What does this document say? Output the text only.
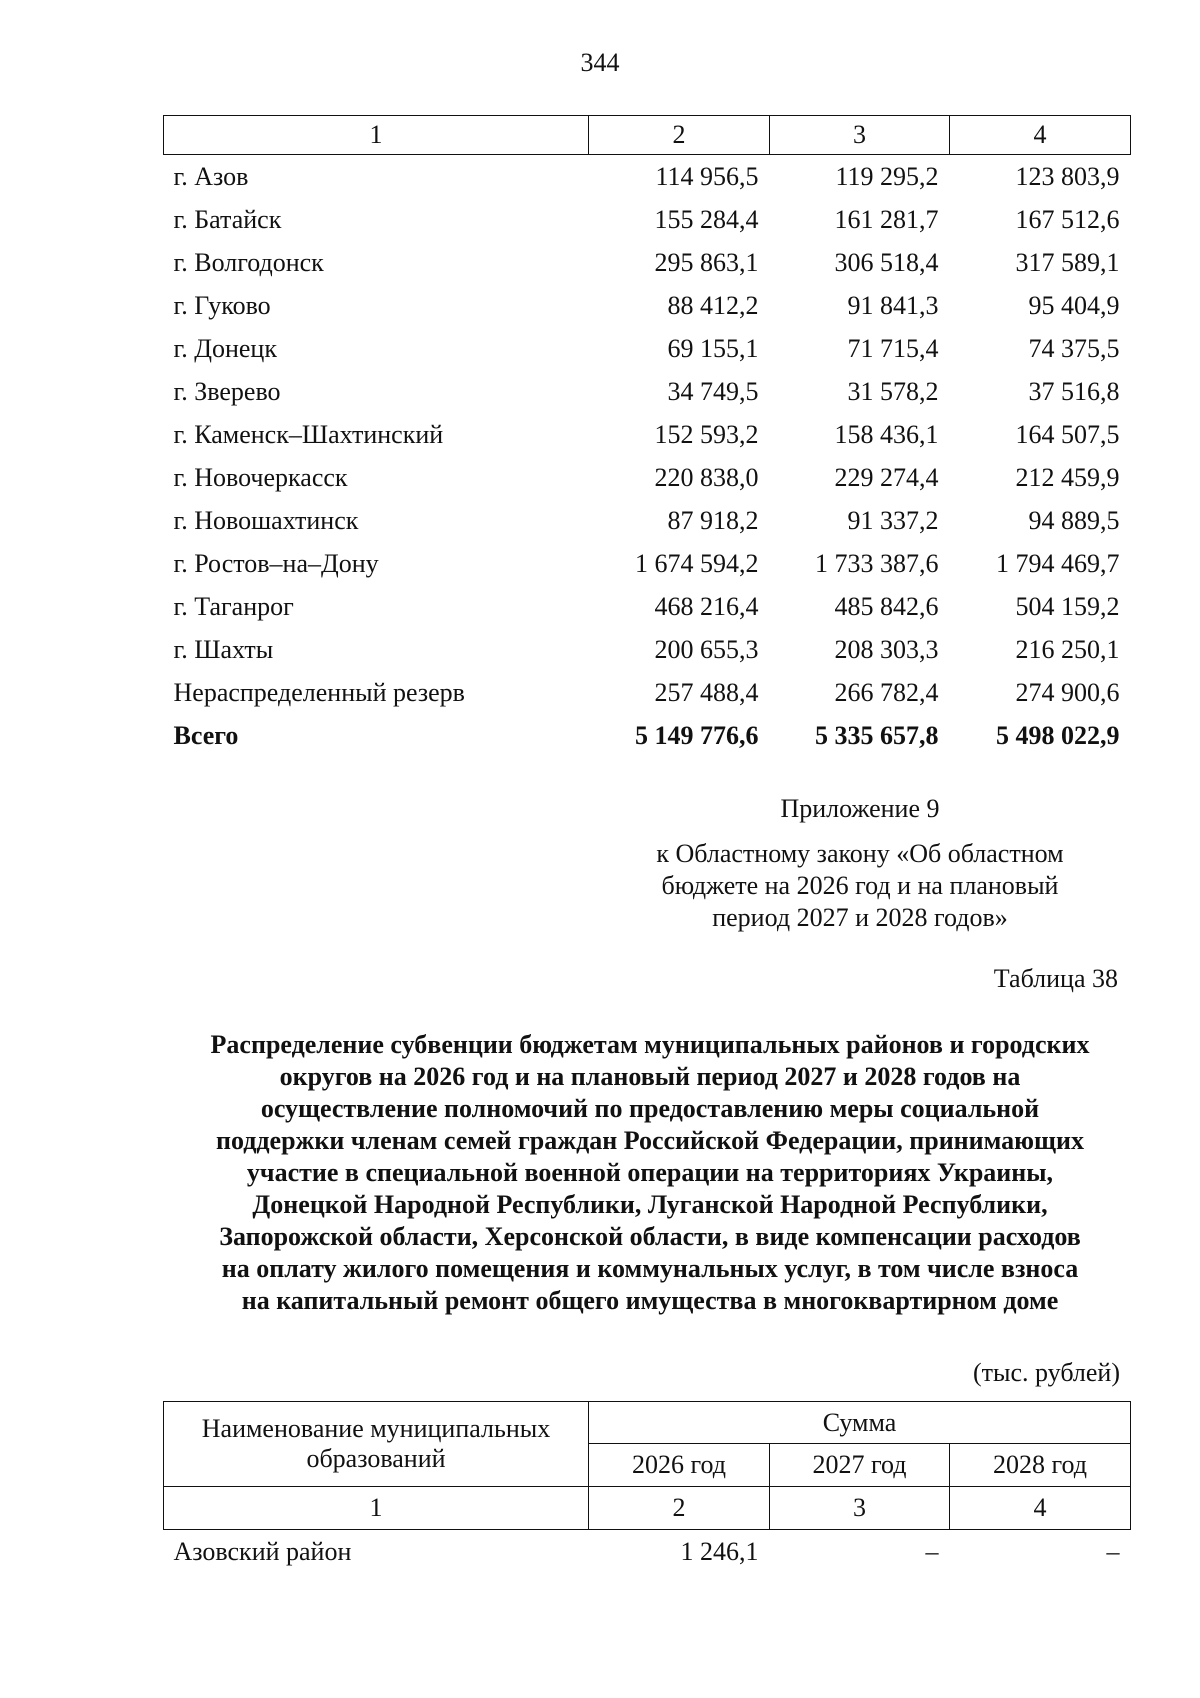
344
1	2	3	4
г. Азов	114 956,5	119 295,2	123 803,9
г. Батайск	155 284,4	161 281,7	167 512,6
г. Волгодонск	295 863,1	306 518,4	317 589,1
г. Гуково	88 412,2	91 841,3	95 404,9
г. Донецк	69 155,1	71 715,4	74 375,5
г. Зверево	34 749,5	31 578,2	37 516,8
г. Каменск–Шахтинский	152 593,2	158 436,1	164 507,5
г. Новочеркасск	220 838,0	229 274,4	212 459,9
г. Новошахтинск	87 918,2	91 337,2	94 889,5
г. Ростов–на–Дону	1 674 594,2	1 733 387,6	1 794 469,7
г. Таганрог	468 216,4	485 842,6	504 159,2
г. Шахты	200 655,3	208 303,3	216 250,1
Нераспределенный резерв	257 488,4	266 782,4	274 900,6
Всего	5 149 776,6	5 335 657,8	5 498 022,9
Приложение 9
к Областному закону «Об областном
бюджете на 2026 год и на плановый
период 2027 и 2028 годов»
Таблица 38
Распределение субвенции бюджетам муниципальных районов и городских
округов на 2026 год и на плановый период 2027 и 2028 годов на
осуществление полномочий по предоставлению меры социальной
поддержки членам семей граждан Российской Федерации, принимающих
участие в специальной военной операции на территориях Украины,
Донецкой Народной Республики, Луганской Народной Республики,
Запорожской области, Херсонской области, в виде компенсации расходов
на оплату жилого помещения и коммунальных услуг, в том числе взноса
на капитальный ремонт общего имущества в многоквартирном доме
(тыс. рублей)
Наименование муниципальных
образований	Сумма		
	2026 год	2027 год	2028 год
1	2	3	4
Азовский район	1 246,1	–	–
